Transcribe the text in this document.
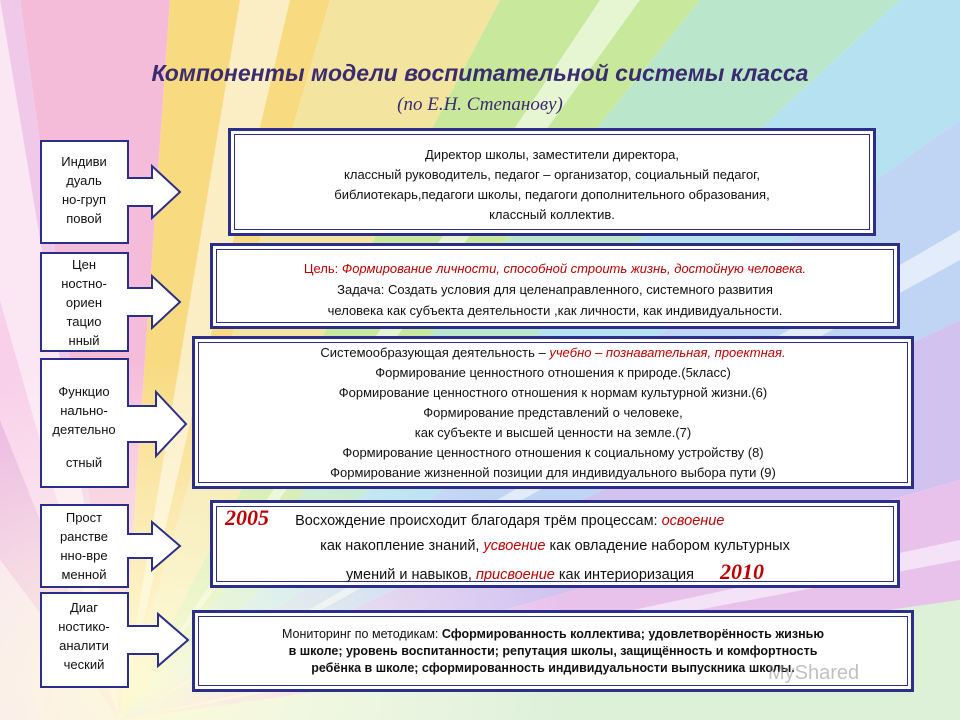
Компоненты модели воспитательной системы класса
(по Е.Н. Степанову)
Индиви
дуаль
но-груп
повой
Цен
ностно-
ориен
тацио
нный
Функцио
нально-
деятельно
стный
Прост
ранстве
нно-вре
менной
Диаг
ностико-
аналити
ческий
Директор школы, заместители директора,
классный руководитель, педагог – организатор, социальный педагог,
библиотекарь,педагоги школы, педагоги дополнительного образования,
классный коллектив.
Цель: Формирование личности, способной строить жизнь, достойную человека.
Задача: Создать условия для целенаправленного, системного развития
человека как субъекта деятельности ,как личности, как индивидуальности.
Системообразующая деятельность – учебно – познавательная, проектная.
Формирование ценностного отношения к природе.(5класс)
Формирование ценностного отношения к нормам культурной жизни.(6)
Формирование представлений о человеке,
как субъекте и высшей ценности на земле.(7)
Формирование ценностного отношения к социальному устройству (8)
Формирование жизненной позиции для индивидуального выбора пути (9)
2005 Восхождение происходит благодаря трём процессам: освоение
как накопление знаний, усвоение как овладение набором культурных
умений и навыков, присвоение как интериоризация 2010
Мониторинг по методикам: Сформированность коллектива; удовлетворённость жизнью
в школе; уровень воспитанности; репутация школы, защищённость и комфортность
ребёнка в школе; сформированность индивидуальности выпускника школы.
MyShared
